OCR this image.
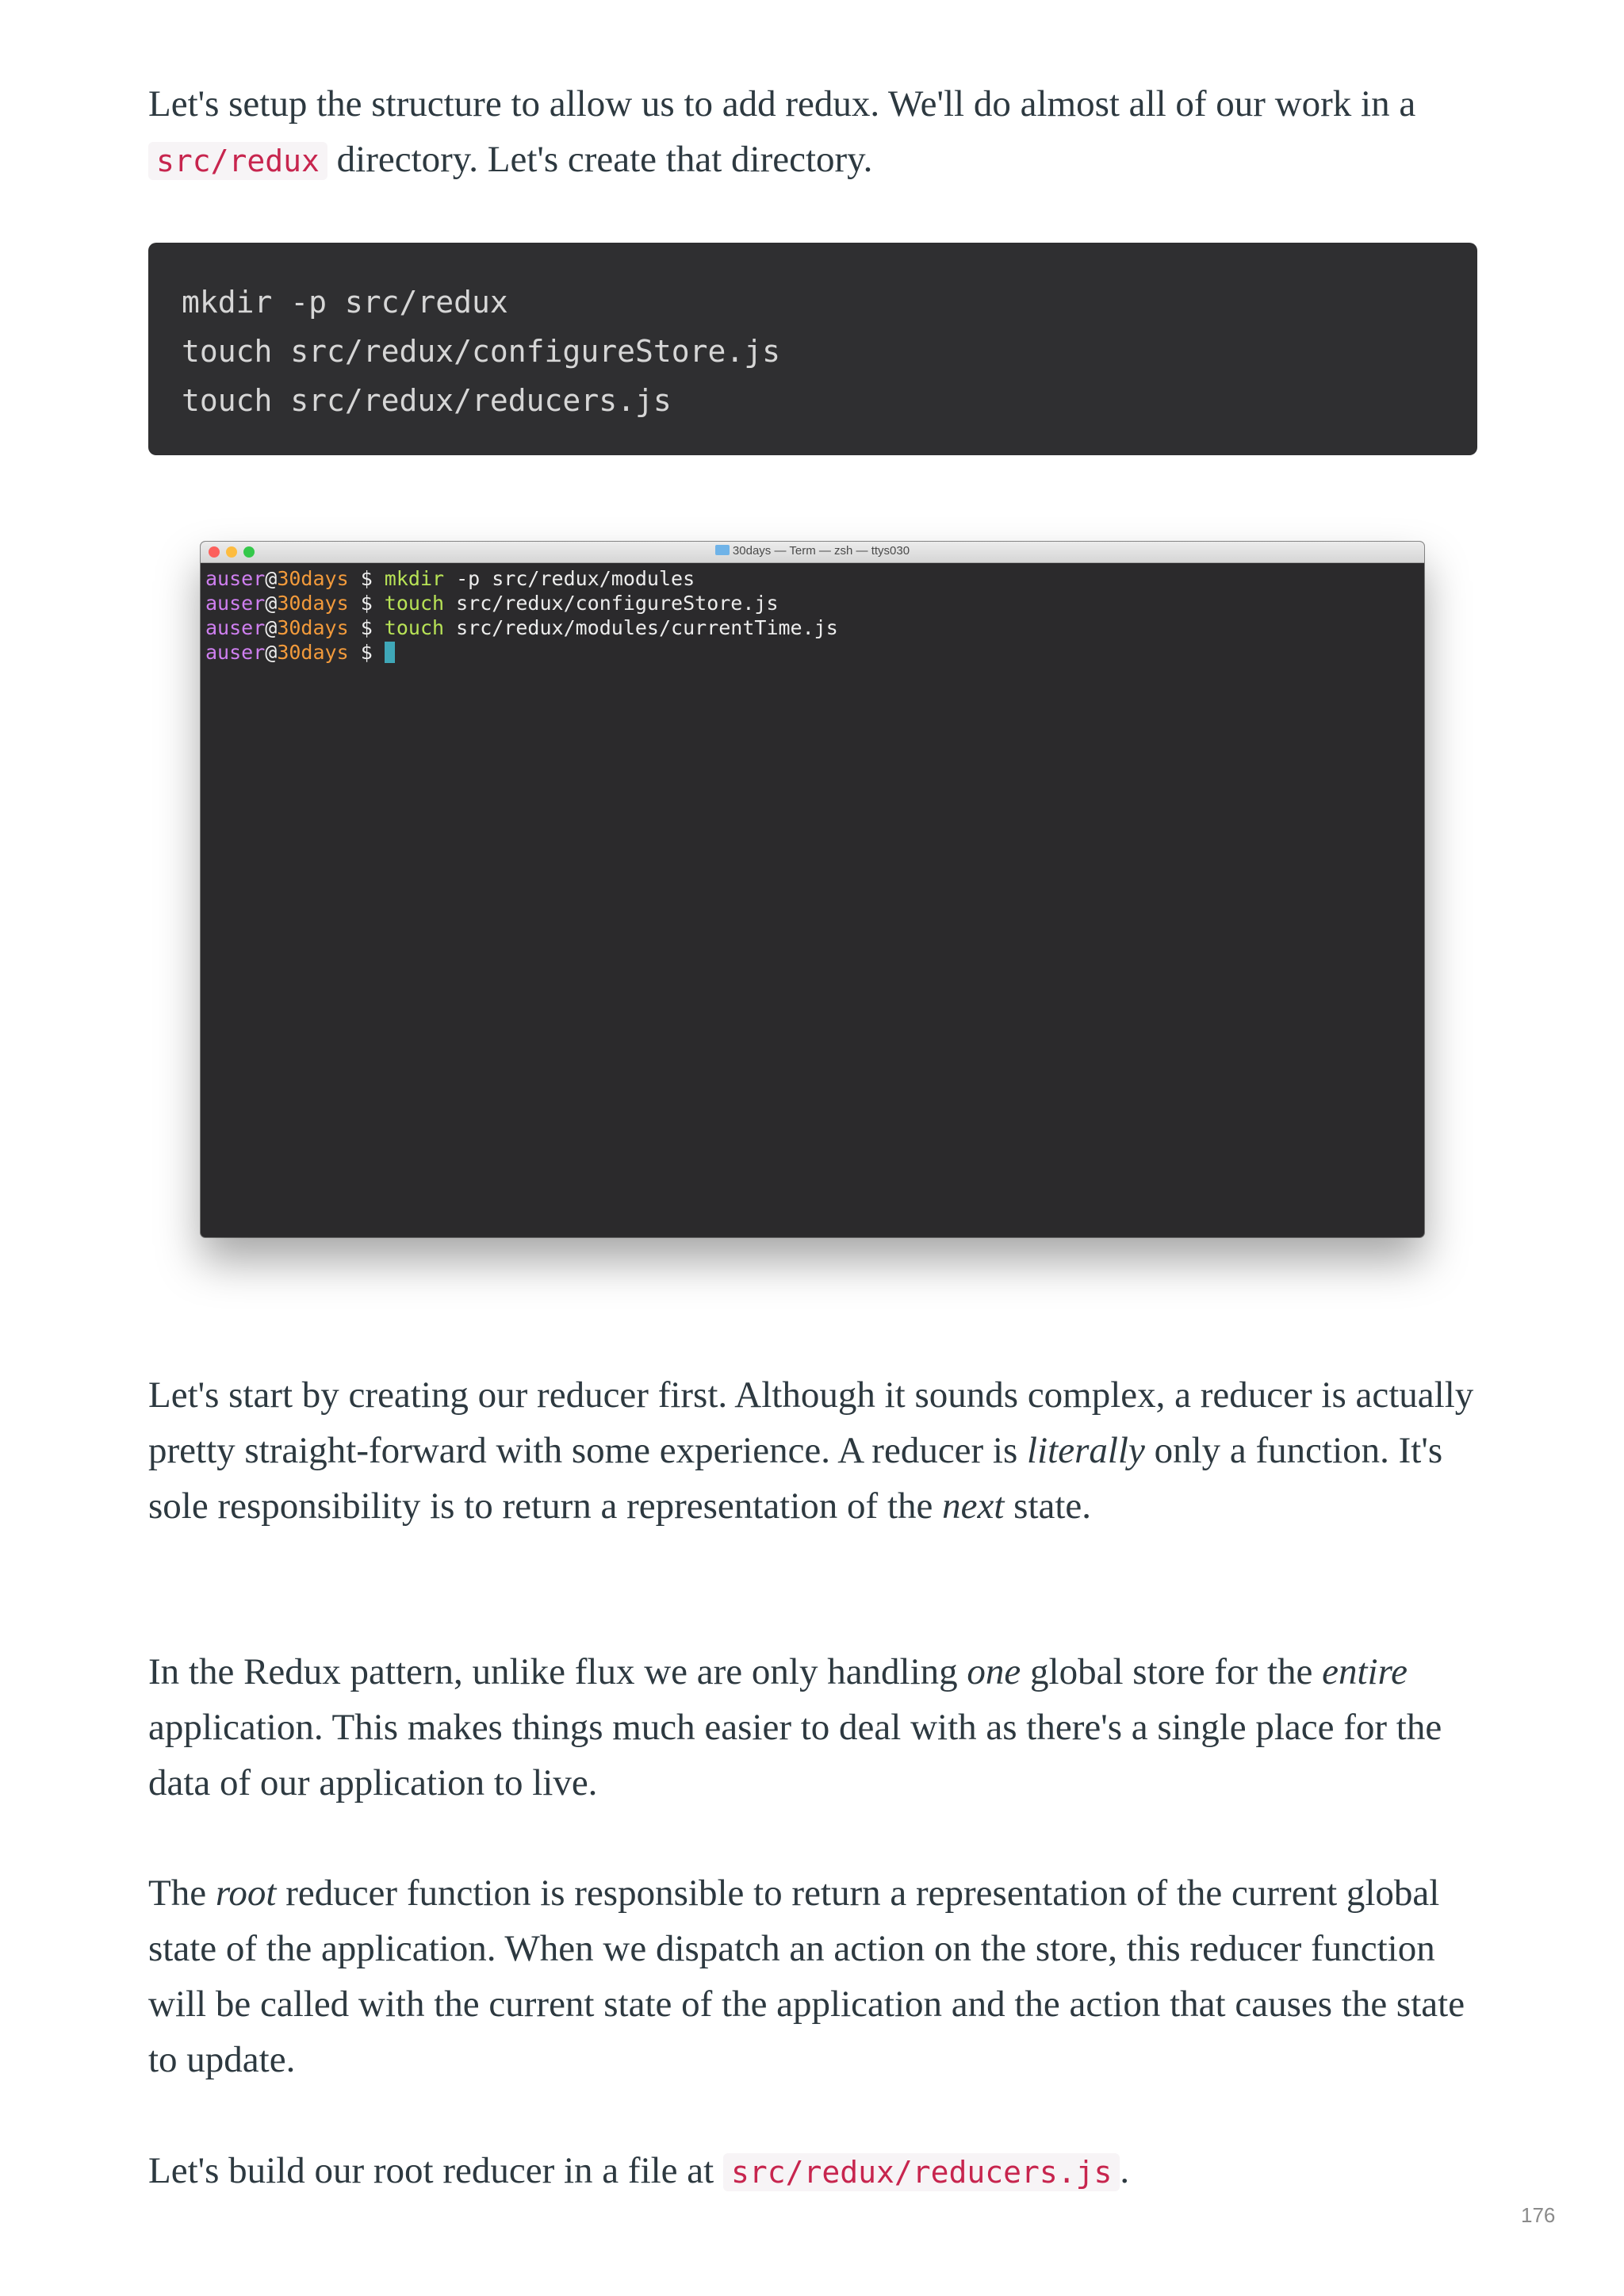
Let's setup the structure to allow us to add redux. We'll do almost all of our work in a src/redux directory. Let's create that directory.

mkdir -p src/redux
touch src/redux/configureStore.js
touch src/redux/reducers.js
30days — Term — zsh — ttys030
auser@30days $ mkdir -p src/redux/modules
auser@30days $ touch src/redux/configureStore.js
auser@30days $ touch src/redux/modules/currentTime.js
auser@30days $

Let's start by creating our reducer first. Although it sounds complex, a reducer is actually pretty straight-forward with some experience. A reducer is literally only a function. It's sole responsibility is to return a representation of the next state.

In the Redux pattern, unlike flux we are only handling one global store for the entire application. This makes things much easier to deal with as there's a single place for the data of our application to live.

The root reducer function is responsible to return a representation of the current global state of the application. When we dispatch an action on the store, this reducer function will be called with the current state of the application and the action that causes the state to update.

Let's build our root reducer in a file at src/redux/reducers.js .

176
